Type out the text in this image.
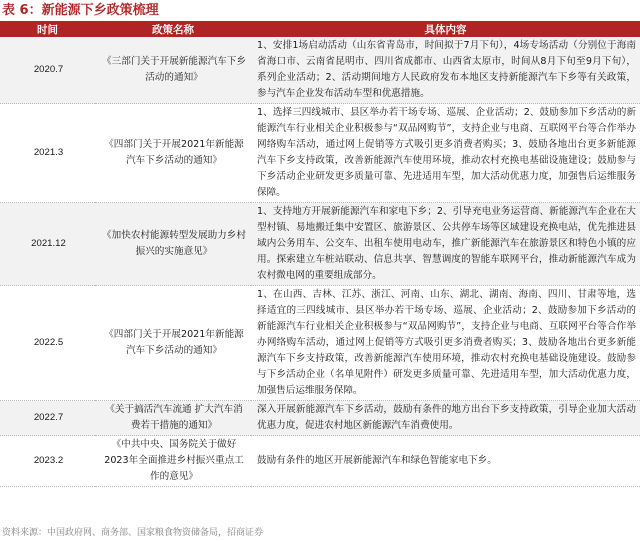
表 6：新能源下乡政策梳理
时间	政策名称	具体内容
2020.7	《三部门关于开展新能源汽车下乡活动的通知》	1、安排1场启动活动（山东省青岛市，时间拟于7月下旬），4场专场活动（分别位于海南省海口市、云南省昆明市、四川省成都市、山西省太原市，时间从8月下旬至9月下旬），系列企业活动；2、活动期间地方人民政府发布本地区支持新能源汽车下乡等有关政策，参与汽车企业发布活动车型和优惠措施。
2021.3	《四部门关于开展2021年新能源汽车下乡活动的通知》	1、选择三四线城市、县区举办若干场专场、巡展、企业活动；2、鼓励参加下乡活动的新能源汽车行业相关企业积极参与“双品网购节”，支持企业与电商、互联网平台等合作举办网络购车活动，通过网上促销等方式吸引更多消费者购买；3、鼓励各地出台更多新能源汽车下乡支持政策，改善新能源汽车使用环境，推动农村充换电基础设施建设；鼓励参与下乡活动企业研发更多质量可靠、先进适用车型，加大活动优惠力度，加强售后运维服务保障。
2021.12	《加快农村能源转型发展助力乡村振兴的实施意见》	1、支持地方开展新能源汽车和家电下乡；2、引导充电业务运营商、新能源汽车企业在大型村镇、易地搬迁集中安置区、旅游景区、公共停车场等区域建设充换电站，优先推进县域内公务用车、公交车、出租车使用电动车，推广新能源汽车在旅游景区和特色小镇的应用。探索建立车桩站联动、信息共享、智慧调度的智能车联网平台，推动新能源汽车成为农村微电网的重要组成部分。
2022.5	《四部门关于开展2021年新能源汽车下乡活动的通知》	1、在山西、吉林、江苏、浙江、河南、山东、湖北、湖南、海南、四川、甘肃等地，选择适宜的三四线城市、县区举办若干场专场、巡展、企业活动；2、鼓励参加下乡活动的新能源汽车行业相关企业积极参与“双品网购节”，支持企业与电商、互联网平台等合作举办网络购车活动，通过网上促销等方式吸引更多消费者购买；3、鼓励各地出台更多新能源汽车下乡支持政策，改善新能源汽车使用环境，推动农村充换电基础设施建设。鼓励参与下乡活动企业（名单见附件）研发更多质量可靠、先进适用车型，加大活动优惠力度，加强售后运维服务保障。
2022.7	《关于搞活汽车流通 扩大汽车消费若干措施的通知》	深入开展新能源汽车下乡活动，鼓励有条件的地方出台下乡支持政策，引导企业加大活动优惠力度，促进农村地区新能源汽车消费使用。
2023.2	《中共中央、国务院关于做好2023年全面推进乡村振兴重点工作的意见》	鼓励有条件的地区开展新能源汽车和绿色智能家电下乡。
资料来源：中国政府网、商务部、国家粮食物资储备局，招商证券
